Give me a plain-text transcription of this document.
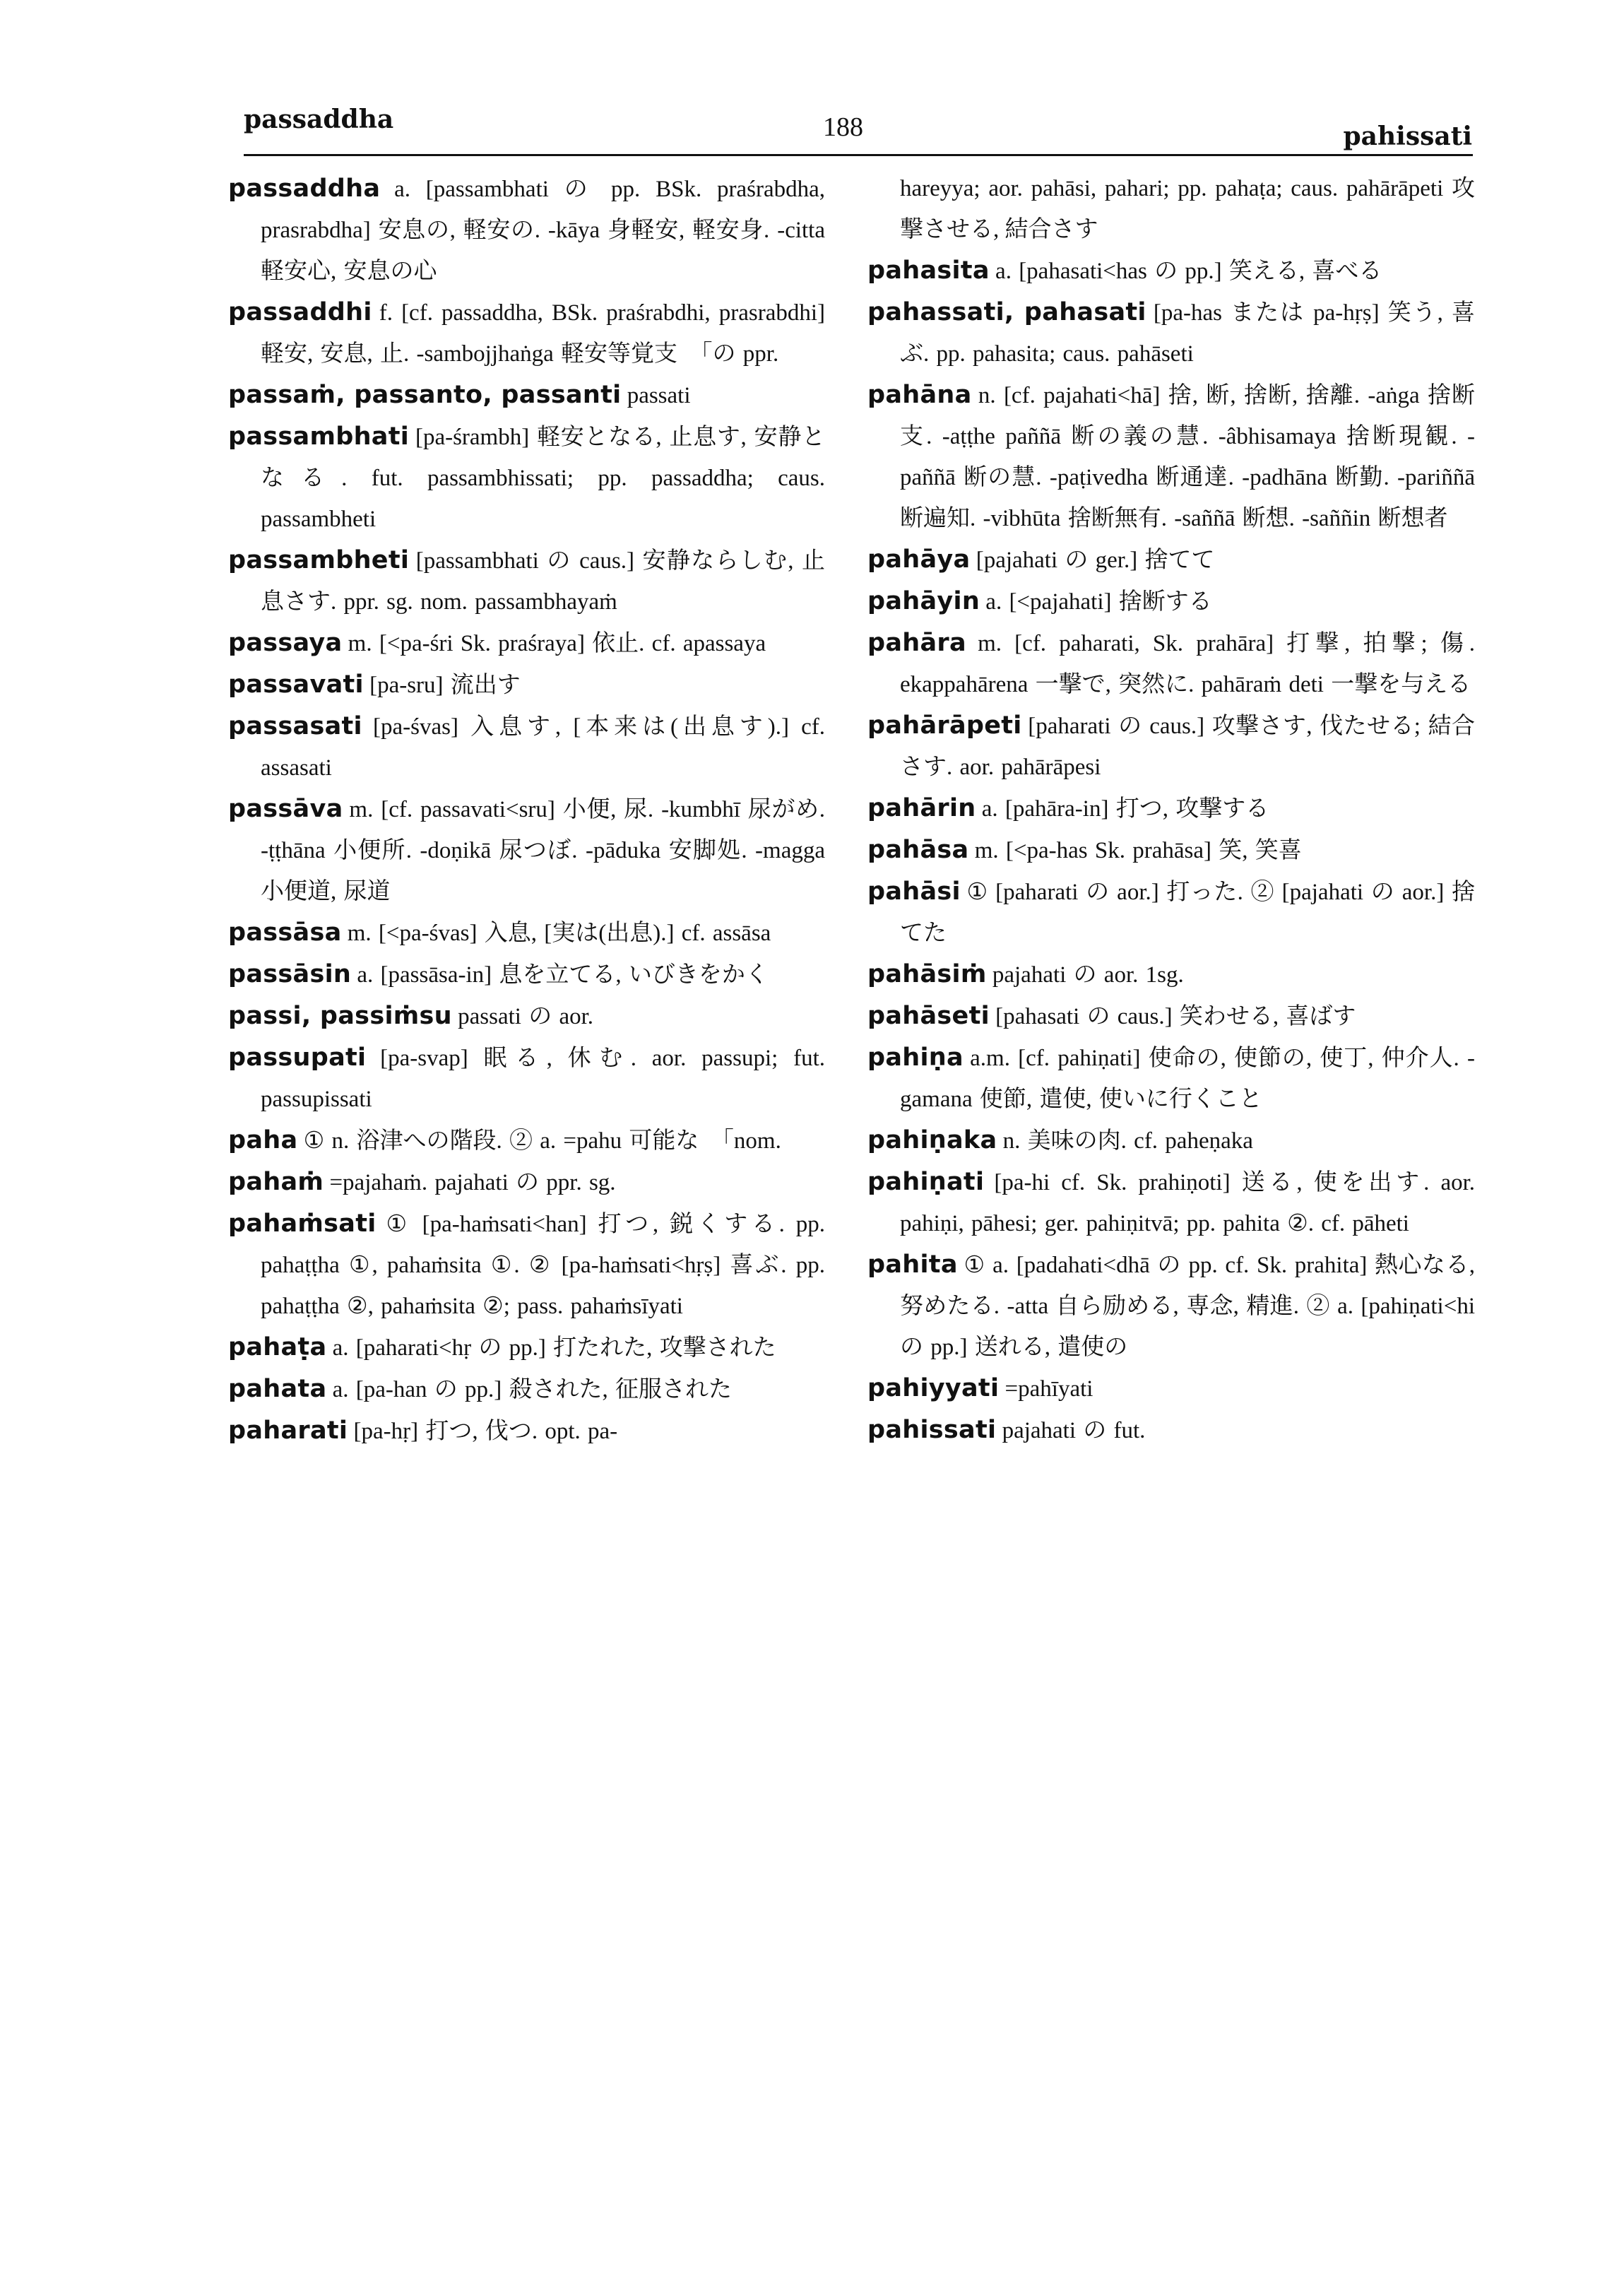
passaddha	188	pahissati

passaddha a. [passambhati の pp. BSk. praśrabdha, prasrabdha] 安息の, 軽安の. -kāya 身軽安, 軽安身. -citta 軽安心, 安息の心

passaddhi f. [cf. passaddha, BSk. praśrabdhi, prasrabdhi] 軽安, 安息, 止. -sambojjhaṅga 軽安等覚支　「の ppr.

passaṁ, passanto, passanti passati

passambhati [pa-śrambh] 軽安となる, 止息す, 安静となる. fut. passambhissati; pp. passaddha; caus. passambheti

passambheti [passambhati の caus.] 安静ならしむ, 止息さす. ppr. sg. nom. passambhayaṁ

passaya m. [<pa-śri Sk. praśraya] 依止. cf. apassaya

passavati [pa-sru] 流出す

passasati [pa-śvas] 入息す, [本来は(出息す).] cf. assasati

passāva m. [cf. passavati<sru] 小便, 尿. -kumbhī 尿がめ. -ṭṭhāna 小便所. -doṇikā 尿つぼ. -pāduka 安脚処. -magga 小便道, 尿道

passāsa m. [<pa-śvas] 入息, [実は(出息).] cf. assāsa

passāsin a. [passāsa-in] 息を立てる, いびきをかく

passi, passiṁsu passati の aor.

passupati [pa-svap] 眠る, 休む. aor. passupi; fut. passupissati

paha ① n. 浴津への階段. ② a. =pahu 可能な　「nom.

pahaṁ =pajahaṁ. pajahati の ppr. sg.

pahaṁsati ① [pa-haṁsati<han] 打つ, 鋭くする. pp. pahaṭṭha ①, pahaṁsita ①. ② [pa-haṁsati<hṛṣ] 喜ぶ. pp. pahaṭṭha ②, pahaṁsita ②; pass. pahaṁsīyati

pahaṭa a. [paharati<hṛ の pp.] 打たれた, 攻撃された

pahata a. [pa-han の pp.] 殺された, 征服された

paharati [pa-hṛ] 打つ, 伐つ. opt. pa-

hareyya; aor. pahāsi, pahari; pp. pahaṭa; caus. pahārāpeti 攻撃させる, 結合さす

pahasita a. [pahasati<has の pp.] 笑える, 喜べる

pahassati, pahasati [pa-has または pa-hṛṣ] 笑う, 喜ぶ. pp. pahasita; caus. pahāseti

pahāna n. [cf. pajahati<hā] 捨, 断, 捨断, 捨離. -aṅga 捨断支. -aṭṭhe paññā 断の義の慧. -âbhisamaya 捨断現観. -paññā 断の慧. -paṭivedha 断通達. -padhāna 断勤. -pariññā 断遍知. -vibhūta 捨断無有. -saññā 断想. -saññin 断想者

pahāya [pajahati の ger.] 捨てて

pahāyin a. [<pajahati] 捨断する

pahāra m. [cf. paharati, Sk. prahāra] 打撃, 拍撃; 傷. ekappahārena 一撃で, 突然に. pahāraṁ deti 一撃を与える

pahārāpeti [paharati の caus.] 攻撃さす, 伐たせる; 結合さす. aor. pahārāpesi

pahārin a. [pahāra-in] 打つ, 攻撃する

pahāsa m. [<pa-has Sk. prahāsa] 笑, 笑喜

pahāsi ① [paharati の aor.] 打った. ② [pajahati の aor.] 捨てた

pahāsiṁ pajahati の aor. 1sg.

pahāseti [pahasati の caus.] 笑わせる, 喜ばす

pahiṇa a.m. [cf. pahiṇati] 使命の, 使節の, 使丁, 仲介人. -gamana 使節, 遣使, 使いに行くこと

pahiṇaka n. 美味の肉. cf. paheṇaka

pahiṇati [pa-hi cf. Sk. prahiṇoti] 送る, 使を出す. aor. pahiṇi, pāhesi; ger. pahiṇitvā; pp. pahita ②. cf. pāheti

pahita ① a. [padahati<dhā の pp. cf. Sk. prahita] 熱心なる, 努めたる. -atta 自ら励める, 専念, 精進. ② a. [pahiṇati<hi の pp.] 送れる, 遣使の

pahiyyati =pahīyati

pahissati pajahati の fut.
